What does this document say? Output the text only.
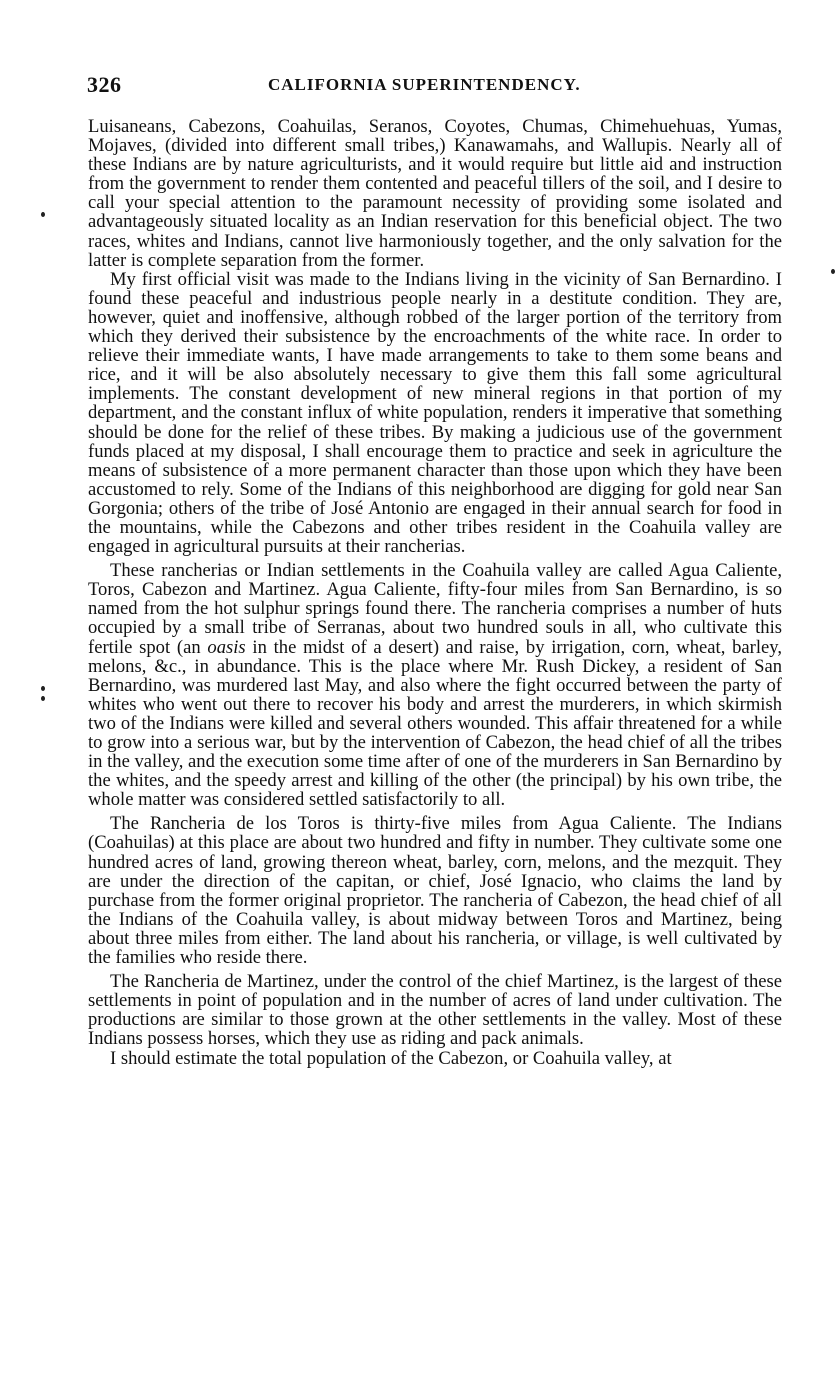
326	CALIFORNIA SUPERINTENDENCY.

Luisaneans, Cabezons, Coahuilas, Seranos, Coyotes, Chumas, Chimehuehuas, Yumas, Mojaves, (divided into different small tribes,) Kanawamahs, and Wallupis. Nearly all of these Indians are by nature agriculturists, and it would require but little aid and instruction from the government to render them contented and peaceful tillers of the soil, and I desire to call your special attention to the paramount necessity of providing some isolated and advantageously situated locality as an Indian reservation for this beneficial object. The two races, whites and Indians, cannot live harmoniously together, and the only salvation for the latter is complete separation from the former.

My first official visit was made to the Indians living in the vicinity of San Bernardino. I found these peaceful and industrious people nearly in a destitute condition. They are, however, quiet and inoffensive, although robbed of the larger portion of the territory from which they derived their subsistence by the encroachments of the white race. In order to relieve their immediate wants, I have made arrangements to take to them some beans and rice, and it will be also absolutely necessary to give them this fall some agricultural implements. The constant development of new mineral regions in that portion of my department, and the constant influx of white population, renders it imperative that something should be done for the relief of these tribes. By making a judicious use of the government funds placed at my disposal, I shall encourage them to practice and seek in agriculture the means of subsistence of a more permanent character than those upon which they have been accustomed to rely. Some of the Indians of this neighborhood are digging for gold near San Gorgonia; others of the tribe of José Antonio are engaged in their annual search for food in the mountains, while the Cabezons and other tribes resident in the Coahuila valley are engaged in agricultural pursuits at their rancherias.

These rancherias or Indian settlements in the Coahuila valley are called Agua Caliente, Toros, Cabezon and Martinez. Agua Caliente, fifty-four miles from San Bernardino, is so named from the hot sulphur springs found there. The rancheria comprises a number of huts occupied by a small tribe of Serranas, about two hundred souls in all, who cultivate this fertile spot (an oasis in the midst of a desert) and raise, by irrigation, corn, wheat, barley, melons, &c., in abundance. This is the place where Mr. Rush Dickey, a resident of San Bernardino, was murdered last May, and also where the fight occurred between the party of whites who went out there to recover his body and arrest the murderers, in which skirmish two of the Indians were killed and several others wounded. This affair threatened for a while to grow into a serious war, but by the intervention of Cabezon, the head chief of all the tribes in the valley, and the execution some time after of one of the murderers in San Bernardino by the whites, and the speedy arrest and killing of the other (the principal) by his own tribe, the whole matter was considered settled satisfactorily to all.

The Rancheria de los Toros is thirty-five miles from Agua Caliente. The Indians (Coahuilas) at this place are about two hundred and fifty in number. They cultivate some one hundred acres of land, growing thereon wheat, barley, corn, melons, and the mezquit. They are under the direction of the capitan, or chief, José Ignacio, who claims the land by purchase from the former original proprietor. The rancheria of Cabezon, the head chief of all the Indians of the Coahuila valley, is about midway between Toros and Martinez, being about three miles from either. The land about his rancheria, or village, is well cultivated by the families who reside there.

The Rancheria de Martinez, under the control of the chief Martinez, is the largest of these settlements in point of population and in the number of acres of land under cultivation. The productions are similar to those grown at the other settlements in the valley. Most of these Indians possess horses, which they use as riding and pack animals.

I should estimate the total population of the Cabezon, or Coahuila valley, at
